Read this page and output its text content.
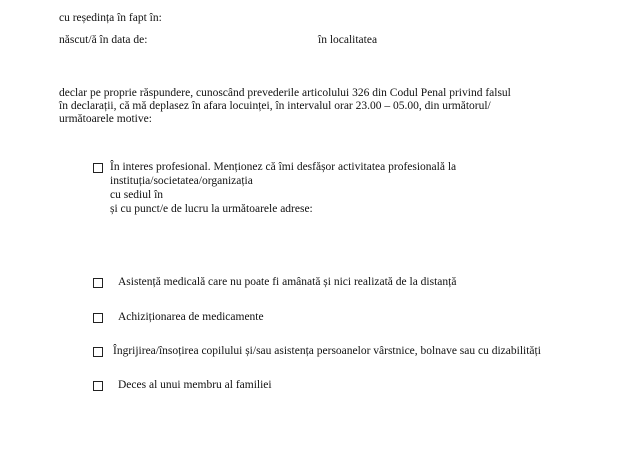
cu reședința în fapt în:
născut/ă în data de:	în localitatea
declar pe proprie răspundere, cunoscând prevederile articolului 326 din Codul Penal privind falsul
în declarații, că mă deplasez în afara locuinței, în intervalul orar 23.00 – 05.00, din următorul/
următoarele motive:
În interes profesional. Menționez că îmi desfășor activitatea profesională la
instituția/societatea/organizația
cu sediul în
și cu punct/e de lucru la următoarele adrese:
Asistență medicală care nu poate fi amânată și nici realizată de la distanță
Achiziționarea de medicamente
Îngrijirea/însoțirea copilului și/sau asistența persoanelor vârstnice, bolnave sau cu dizabilități
Deces al unui membru al familiei
